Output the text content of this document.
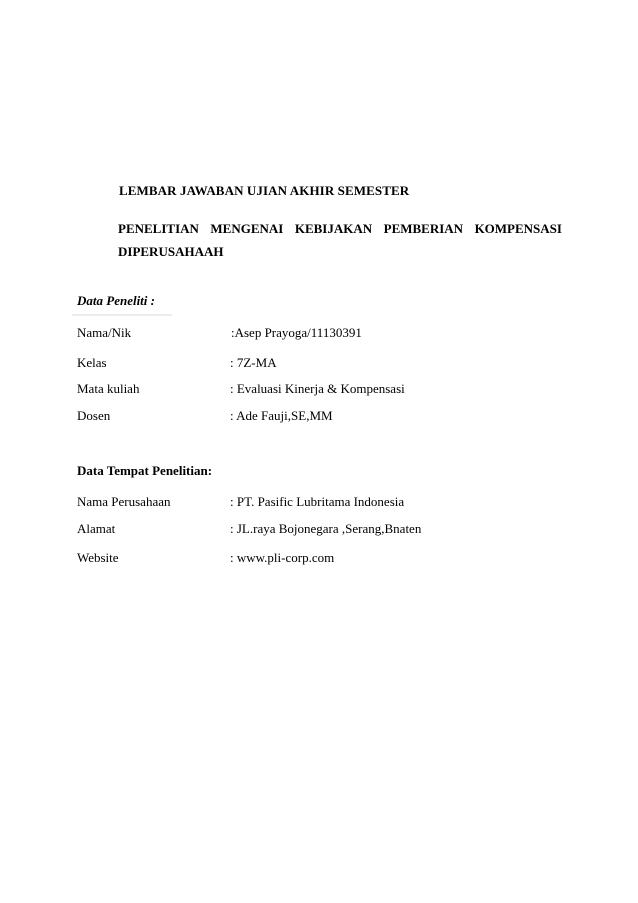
LEMBAR JAWABAN UJIAN AKHIR SEMESTER
PENELITIAN MENGENAI KEBIJAKAN PEMBERIAN KOMPENSASI
DIPERUSAHAAH
Data Peneliti :
Nama/Nik	:Asep Prayoga/11130391
Kelas	: 7Z-MA
Mata kuliah	: Evaluasi Kinerja & Kompensasi
Dosen	: Ade Fauji,SE,MM
Data Tempat Penelitian:
Nama Perusahaan	: PT. Pasific Lubritama Indonesia
Alamat	: JL.raya Bojonegara ,Serang,Bnaten
Website	: www.pli-corp.com
